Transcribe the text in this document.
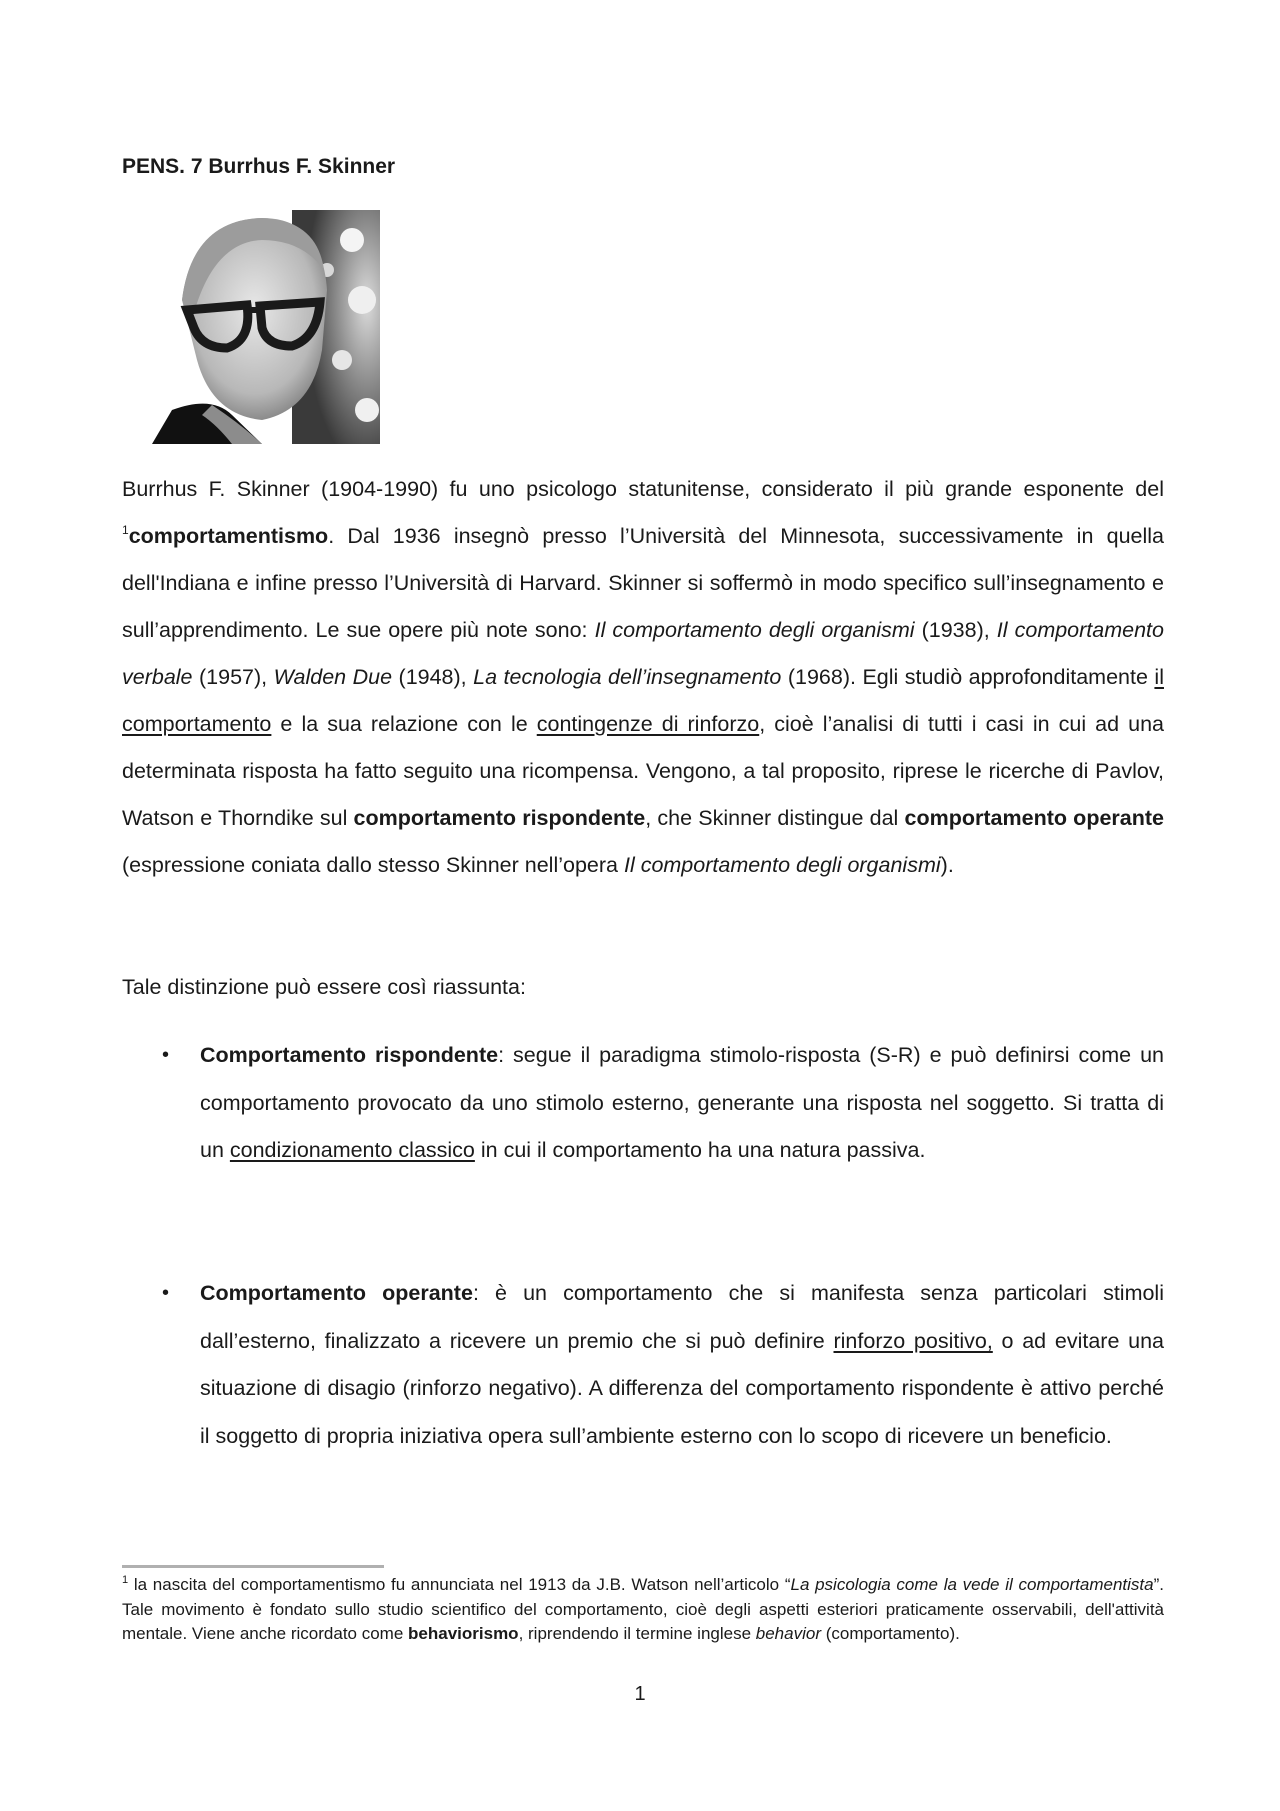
PENS. 7 Burrhus F. Skinner
Burrhus F. Skinner (1904-1990) fu uno psicologo statunitense, considerato il più grande esponente del $^1$comportamentismo. Dal 1936 insegnò presso l’Università del Minnesota, successivamente in quella dell'Indiana e infine presso l’Università di Harvard. Skinner si soffermò in modo specifico sull’insegnamento e sull’apprendimento. Le sue opere più note sono: Il comportamento degli organismi (1938), Il comportamento verbale (1957), Walden Due (1948), La tecnologia dell’insegnamento (1968). Egli studiò approfonditamente il comportamento e la sua relazione con le contingenze di rinforzo, cioè l’analisi di tutti i casi in cui ad una determinata risposta ha fatto seguito una ricompensa. Vengono, a tal proposito, riprese le ricerche di Pavlov, Watson e Thorndike sul comportamento rispondente, che Skinner distingue dal comportamento operante (espressione coniata dallo stesso Skinner nell’opera Il comportamento degli organismi).
Tale distinzione può essere così riassunta:
• Comportamento rispondente: segue il paradigma stimolo-risposta (S-R) e può definirsi come un comportamento provocato da uno stimolo esterno, generante una risposta nel soggetto. Si tratta di un condizionamento classico in cui il comportamento ha una natura passiva.
• Comportamento operante: è un comportamento che si manifesta senza particolari stimoli dall’esterno, finalizzato a ricevere un premio che si può definire rinforzo positivo, o ad evitare una situazione di disagio (rinforzo negativo). A differenza del comportamento rispondente è attivo perché il soggetto di propria iniziativa opera sull’ambiente esterno con lo scopo di ricevere un beneficio.
$^1$ la nascita del comportamentismo fu annunciata nel 1913 da J.B. Watson nell’articolo “La psicologia come la vede il comportamentista”. Tale movimento è fondato sullo studio scientifico del comportamento, cioè degli aspetti esteriori praticamente osservabili, dell'attività mentale. Viene anche ricordato come behaviorismo, riprendendo il termine inglese behavior (comportamento).
1
